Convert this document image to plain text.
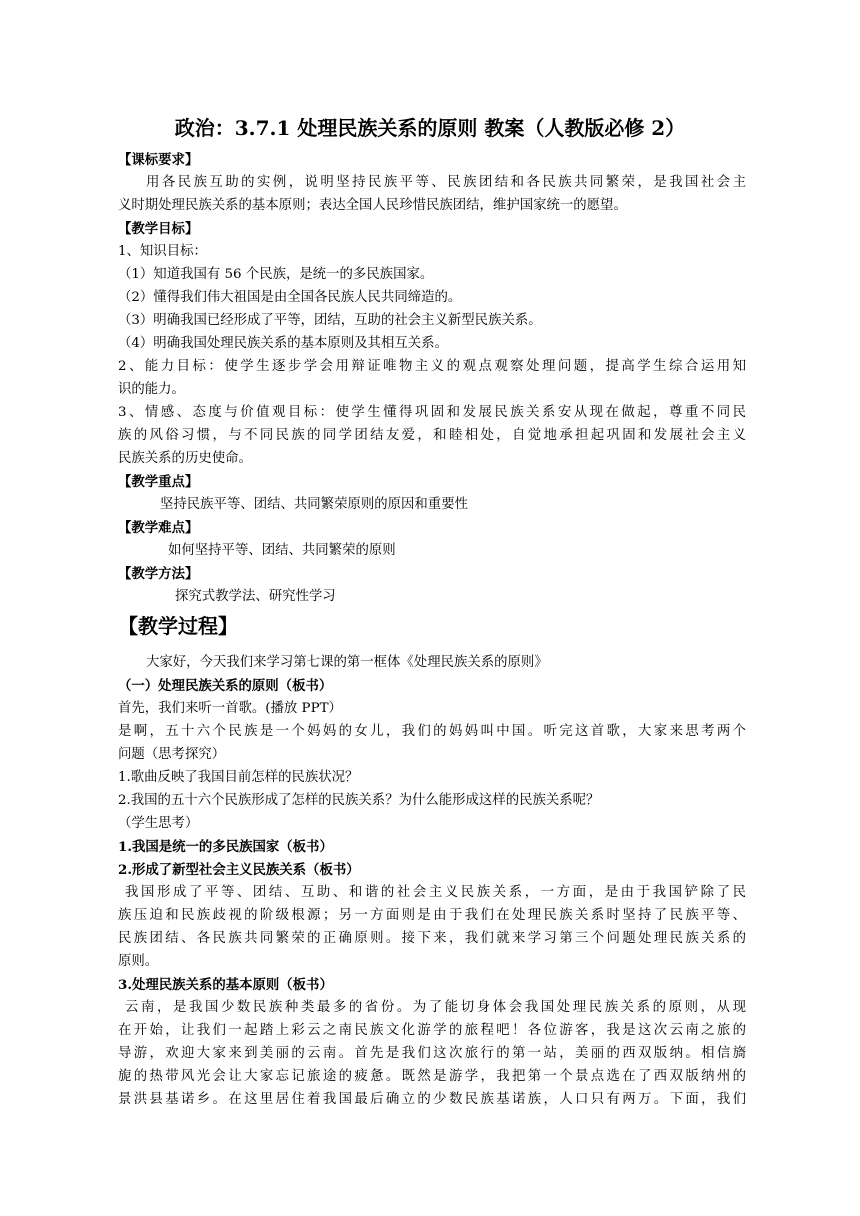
政治：3.7.1 处理民族关系的原则 教案（人教版必修 2）
【课标要求】
用各民族互助的实例，说明坚持民族平等、民族团结和各民族共同繁荣，是我国社会主
义时期处理民族关系的基本原则；表达全国人民珍惜民族团结，维护国家统一的愿望。
【教学目标】
1、知识目标：
（1）知道我国有 56 个民族，是统一的多民族国家。
（2）懂得我们伟大祖国是由全国各民族人民共同缔造的。
（3）明确我国已经形成了平等，团结，互助的社会主义新型民族关系。
（4）明确我国处理民族关系的基本原则及其相互关系。
2、能力目标：使学生逐步学会用辩证唯物主义的观点观察处理问题，提高学生综合运用知
识的能力。
3、情感、态度与价值观目标：使学生懂得巩固和发展民族关系安从现在做起，尊重不同民
族的风俗习惯，与不同民族的同学团结友爱，和睦相处，自觉地承担起巩固和发展社会主义
民族关系的历史使命。
【教学重点】
坚持民族平等、团结、共同繁荣原则的原因和重要性
【教学难点】
如何坚持平等、团结、共同繁荣的原则
【教学方法】
探究式教学法、研究性学习
【教学过程】
大家好，今天我们来学习第七课的第一框体《处理民族关系的原则》
（一）处理民族关系的原则（板书）
首先，我们来听一首歌。(播放 PPT）
是啊，五十六个民族是一个妈妈的女儿，我们的妈妈叫中国。听完这首歌，大家来思考两个
问题（思考探究）
1.歌曲反映了我国目前怎样的民族状况？
2.我国的五十六个民族形成了怎样的民族关系？为什么能形成这样的民族关系呢？
（学生思考）
1.我国是统一的多民族国家（板书）
2.形成了新型社会主义民族关系（板书）
我国形成了平等、团结、互助、和谐的社会主义民族关系，一方面，是由于我国铲除了民
族压迫和民族歧视的阶级根源；另一方面则是由于我们在处理民族关系时坚持了民族平等、
民族团结、各民族共同繁荣的正确原则。接下来，我们就来学习第三个问题处理民族关系的
原则。
3.处理民族关系的基本原则（板书）
云南，是我国少数民族种类最多的省份。为了能切身体会我国处理民族关系的原则，从现
在开始，让我们一起踏上彩云之南民族文化游学的旅程吧！各位游客，我是这次云南之旅的
导游，欢迎大家来到美丽的云南。首先是我们这次旅行的第一站，美丽的西双版纳。相信旖
旎的热带风光会让大家忘记旅途的疲惫。既然是游学，我把第一个景点选在了西双版纳州的
景洪县基诺乡。在这里居住着我国最后确立的少数民族基诺族，人口只有两万。下面，我们
